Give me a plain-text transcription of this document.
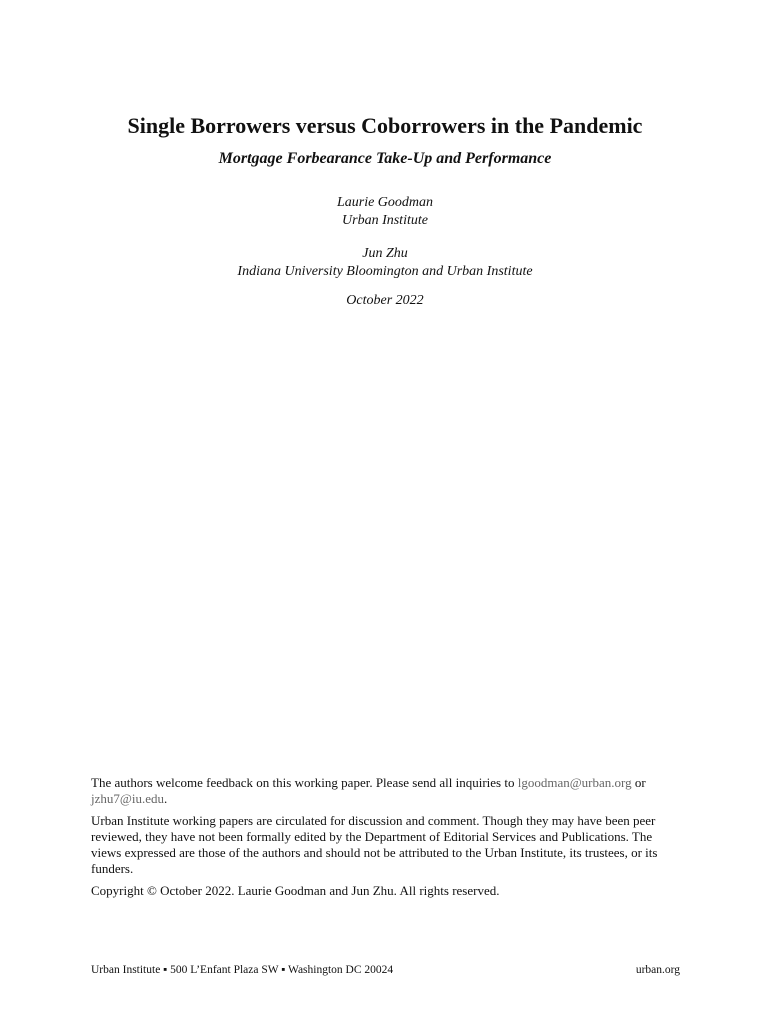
Single Borrowers versus Coborrowers in the Pandemic
Mortgage Forbearance Take-Up and Performance
Laurie Goodman
Urban Institute
Jun Zhu
Indiana University Bloomington and Urban Institute
October 2022

The authors welcome feedback on this working paper. Please send all inquiries to lgoodman@urban.org or jzhu7@iu.edu.

Urban Institute working papers are circulated for discussion and comment. Though they may have been peer reviewed, they have not been formally edited by the Department of Editorial Services and Publications. The views expressed are those of the authors and should not be attributed to the Urban Institute, its trustees, or its funders.

Copyright © October 2022. Laurie Goodman and Jun Zhu. All rights reserved.

Urban Institute ▪ 500 L’Enfant Plaza SW ▪ Washington DC 20024	urban.org
